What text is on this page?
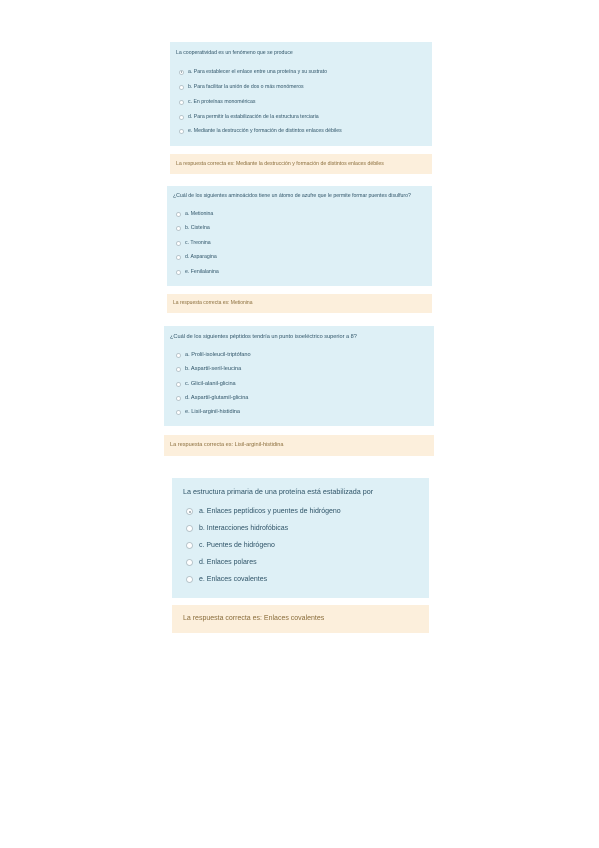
La cooperatividad es un fenómeno que se produce
a. Para establecer el enlace entre una proteína y su sustrato
b. Para facilitar la unión de dos o más monómeros
c. En proteínas monoméricas
d. Para permitir la estabilización de la estructura terciaria
e. Mediante la destrucción y formación de distintos enlaces débiles
La respuesta correcta es: Mediante la destrucción y formación de distintos enlaces débiles
¿Cuál de los siguientes aminoácidos tiene un átomo de azufre que le permite formar puentes disulfuro?
a. Metionina
b. Cisteína
c. Treonina
d. Asparagina
e. Fenilalanina
La respuesta correcta es: Metionina
¿Cuál de los siguientes péptidos tendría un punto isoeléctrico superior a 8?
a. Prolil-isoleucil-triptófano
b. Aspartil-seril-leucina
c. Glicil-alanil-glicina
d. Aspartil-glutamil-glicina
e. Lisil-arginil-histidina
La respuesta correcta es: Lisil-arginil-histidina
La estructura primaria de una proteína está estabilizada por
a. Enlaces peptídicos y puentes de hidrógeno
b. Interacciones hidrofóbicas
c. Puentes de hidrógeno
d. Enlaces polares
e. Enlaces covalentes
La respuesta correcta es: Enlaces covalentes
